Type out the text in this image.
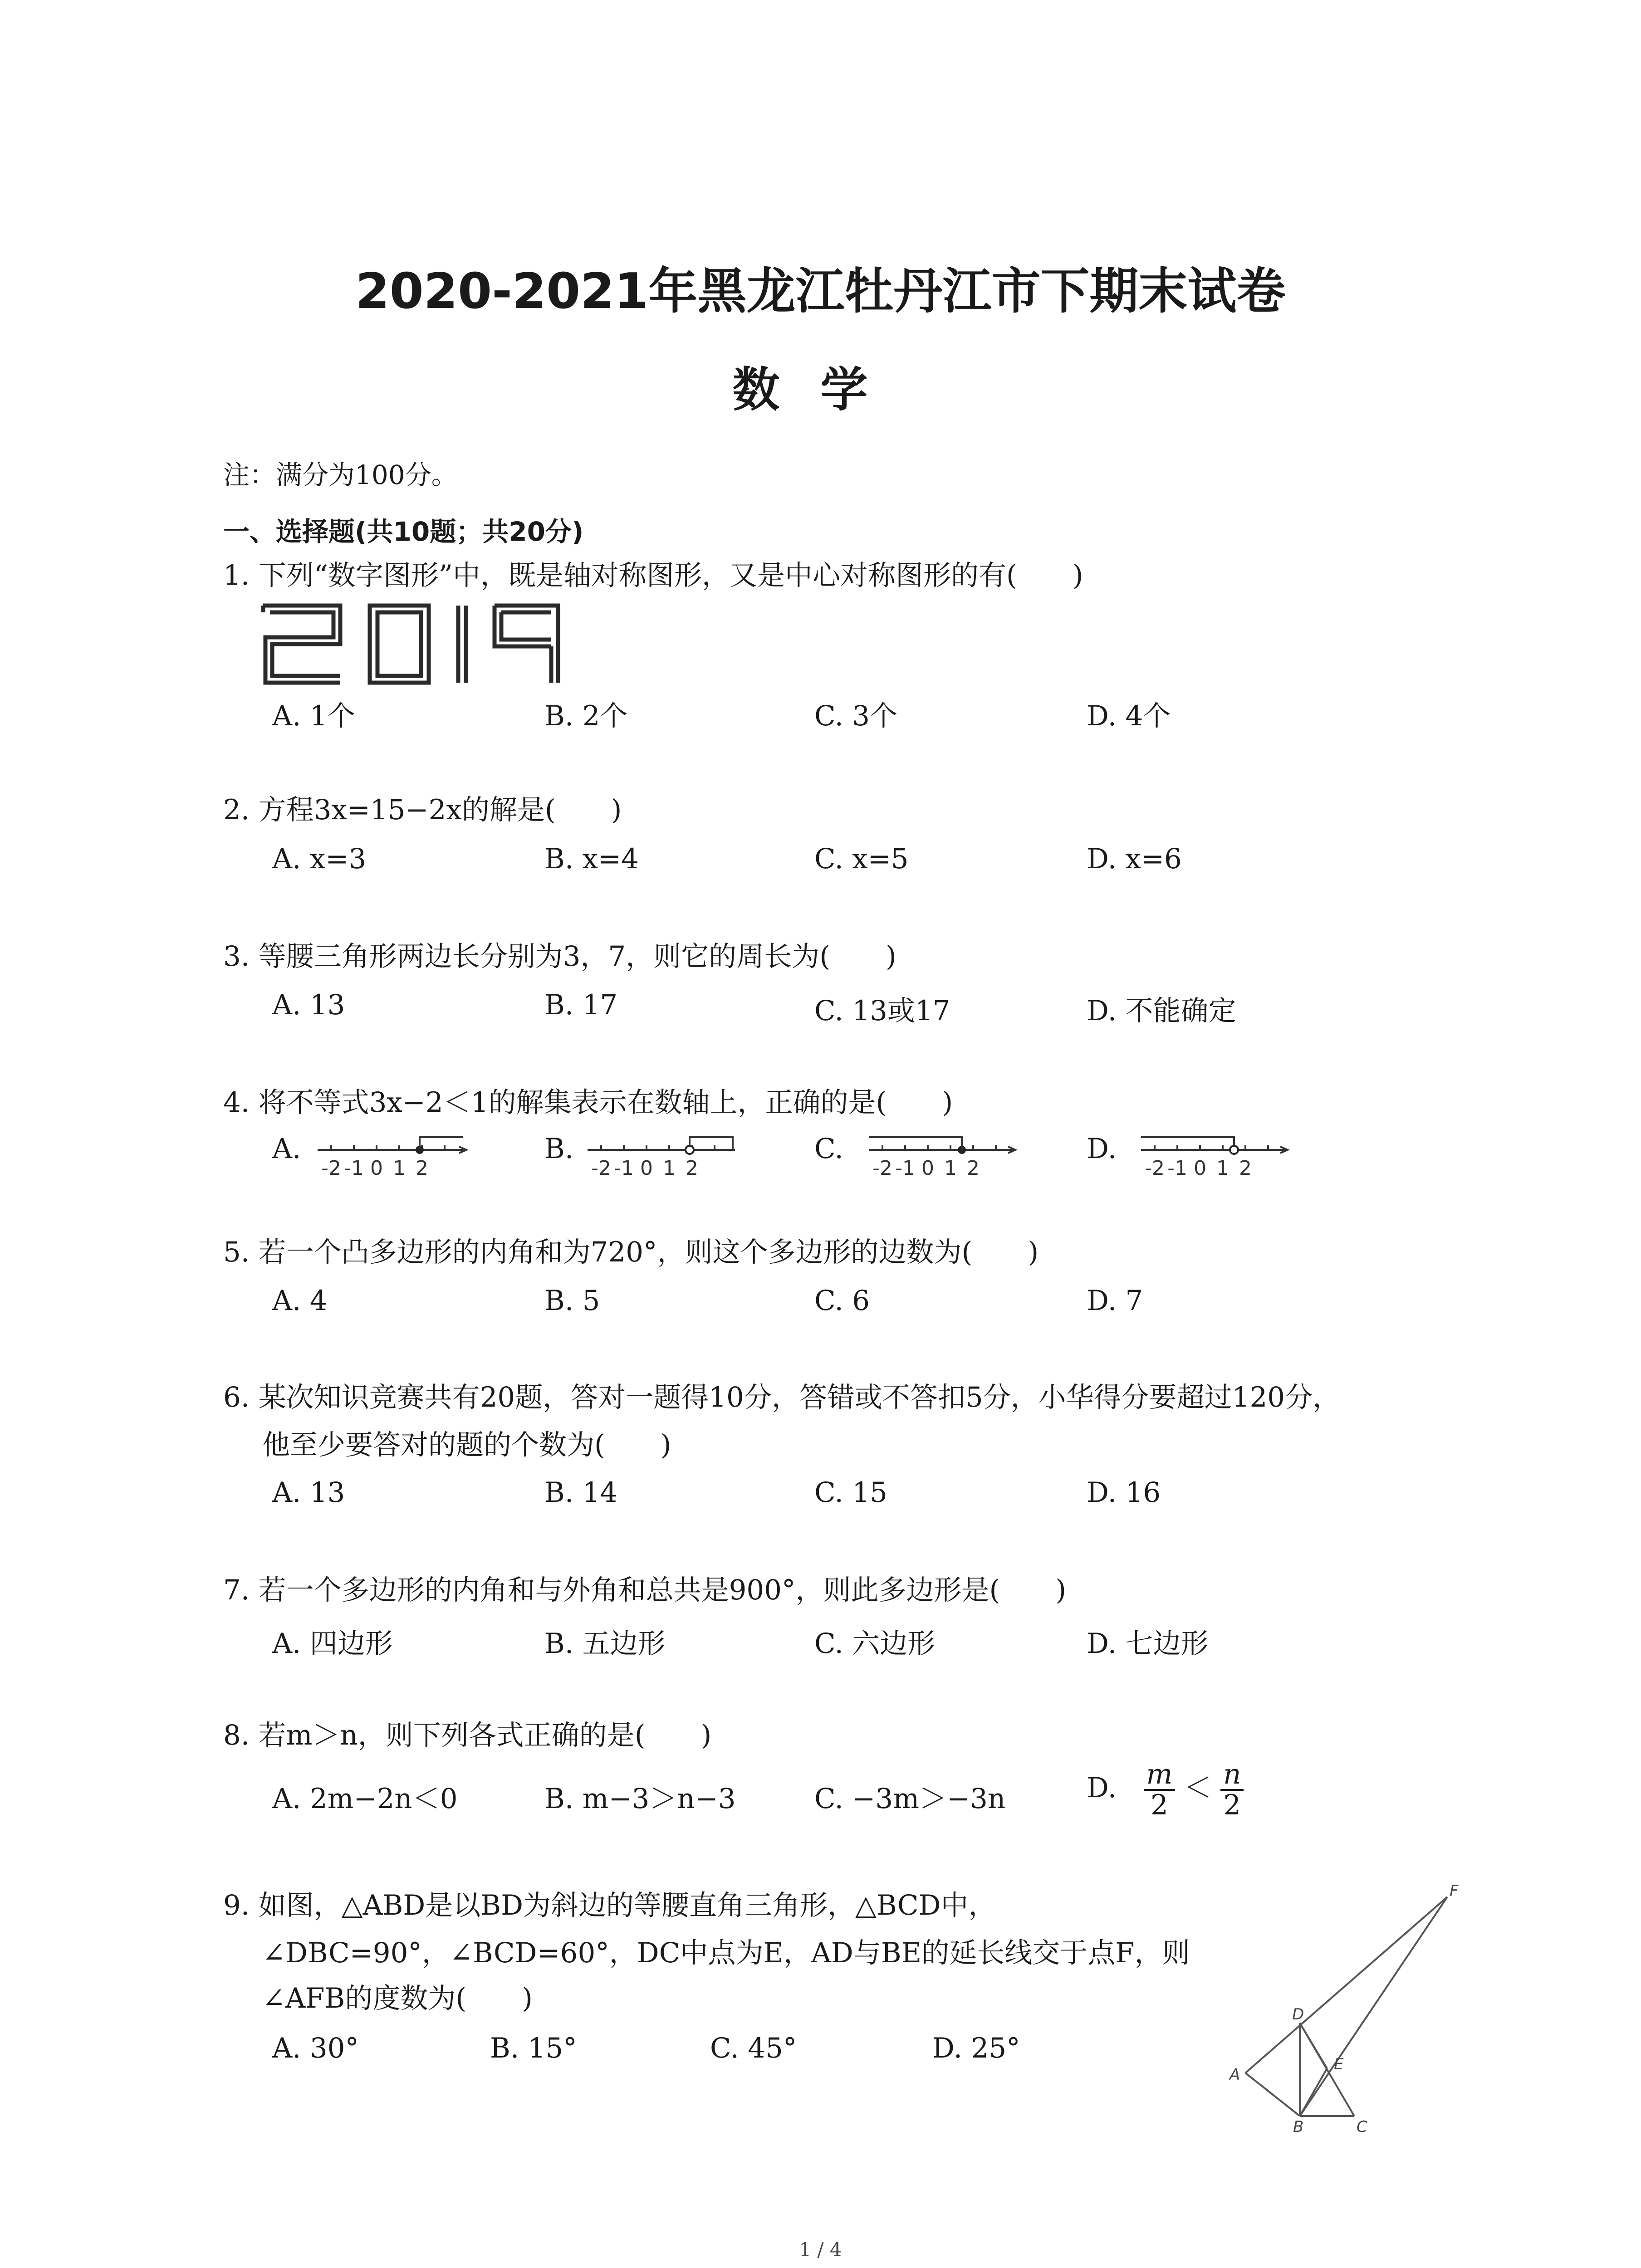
2020-2021年黑龙江牡丹江市下期末试卷
数学
注：满分为100分。
一、选择题(共10题；共20分)
1. 下列“数字图形”中，既是轴对称图形，又是中心对称图形的有(　　)
A. 1个	B. 2个	C. 3个	D. 4个
2. 方程3x=15−2x的解是(　　)
A. x=3	B. x=4	C. x=5	D. x=6
3. 等腰三角形两边长分别为3，7，则它的周长为(　　)
A. 13	B. 17	C. 13或17	D. 不能确定
4. 将不等式3x−2＜1的解集表示在数轴上，正确的是(　　)
A.	B.	C.	D.
-2 -1 0 1 2	-2 -1 0 1 2	-2 -1 0 1 2	-2 -1 0 1 2
5. 若一个凸多边形的内角和为720°，则这个多边形的边数为(　　)
A. 4	B. 5	C. 6	D. 7
6. 某次知识竞赛共有20题，答对一题得10分，答错或不答扣5分，小华得分要超过120分，
他至少要答对的题的个数为(　　)
A. 13	B. 14	C. 15	D. 16
7. 若一个多边形的内角和与外角和总共是900°，则此多边形是(　　)
A. 四边形	B. 五边形	C. 六边形	D. 七边形
8. 若m＞n，则下列各式正确的是(　　)
A. 2m−2n＜0	B. m−3＞n−3	C. −3m＞−3n	D. $\frac{m}{2} < \frac{n}{2}$
9. 如图，△ABD是以BD为斜边的等腰直角三角形，△BCD中，
∠DBC=90°，∠BCD=60°，DC中点为E，AD与BE的延长线交于点F，则
∠AFB的度数为(　　)
A. 30°	B. 15°	C. 45°	D. 25°
F
D
A
E
B	C
1 / 4
